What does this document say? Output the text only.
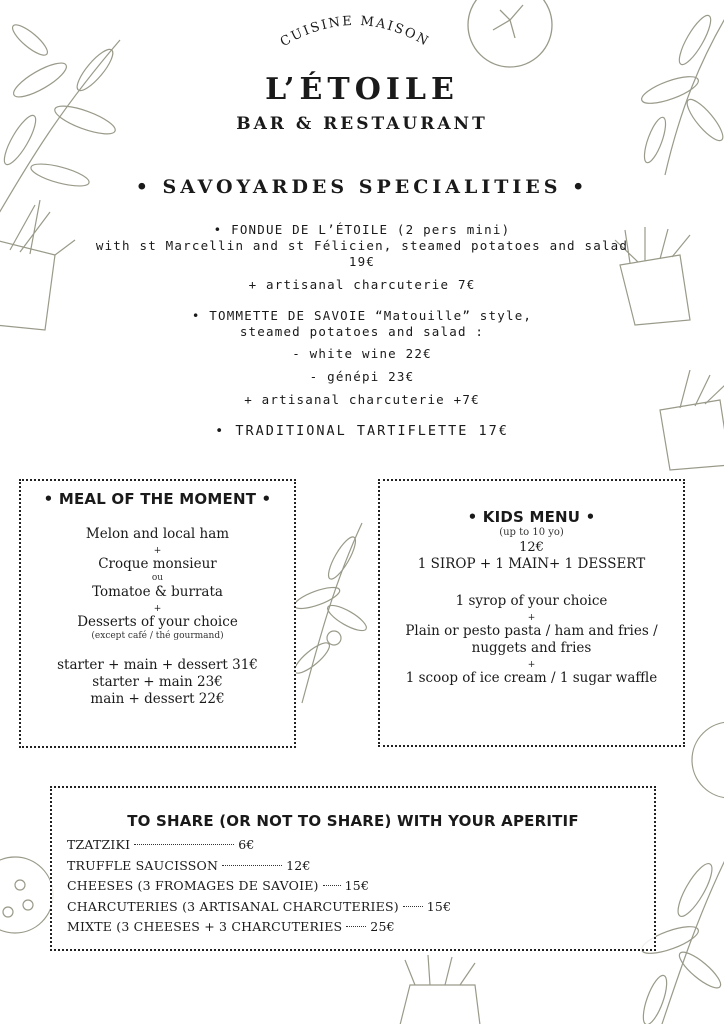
CUISINE MAISON
L’ÉTOILE
BAR & RESTAURANT
• SAVOYARDES SPECIALITIES •
• FONDUE DE L’ÉTOILE (2 pers mini)
with st Marcellin and st Félicien, steamed potatoes and salad
19€
+ artisanal charcuterie 7€
• TOMMETTE DE SAVOIE “Matouille” style,
steamed potatoes and salad :
- white wine 22€
- génépi 23€
+ artisanal charcuterie +7€
• TRADITIONAL TARTIFLETTE 17€
• MEAL OF THE MOMENT •
Melon and local ham
+
Croque monsieur
ou
Tomatoe & burrata
+
Desserts of your choice
(except café / thé gourmand)
starter + main + dessert 31€
starter + main 23€
main + dessert 22€
• KIDS MENU •
(up to 10 yo)
12€
1 SIROP + 1 MAIN+ 1 DESSERT
1 syrop of your choice
+
Plain or pesto pasta / ham and fries /
nuggets and fries
+
1 scoop of ice cream / 1 sugar waffle
TO SHARE (OR NOT TO SHARE) WITH YOUR APERITIF
TZATZIKI	6€
TRUFFLE SAUCISSON	12€
CHEESES (3 FROMAGES DE SAVOIE) 15€
CHARCUTERIES (3 ARTISANAL CHARCUTERIES) 15€
MIXTE (3 CHEESES + 3 CHARCUTERIES 25€
